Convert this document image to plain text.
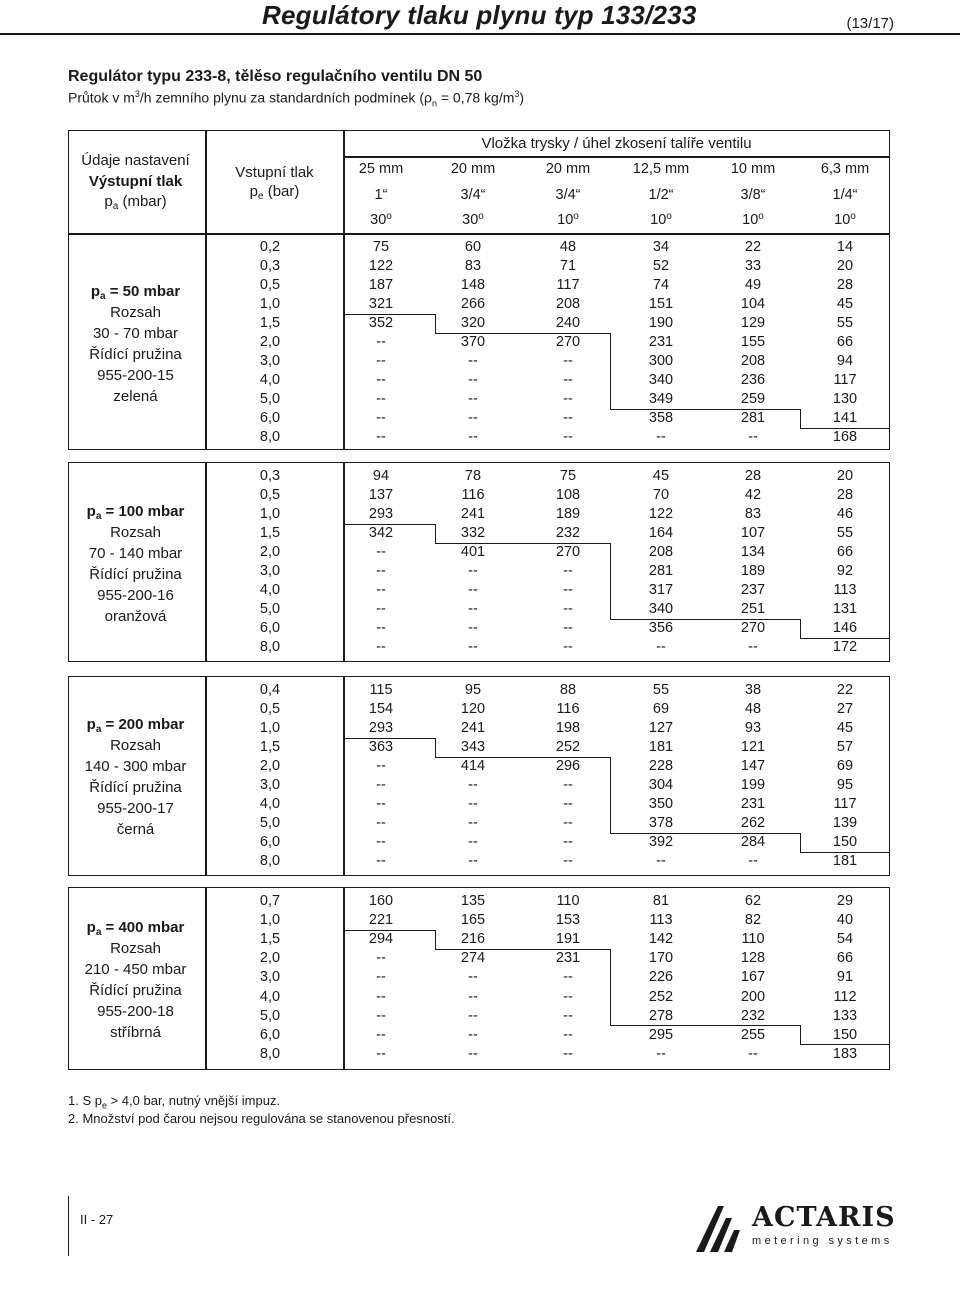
Regulátory tlaku plynu typ 133/233	(13/17)
Regulátor typu 233-8, tělěso regulačního ventilu DN 50
Průtok v $m^3/h$ zemního plynu za standardních podmínek ($\rho_n = 0,78$ $kg/m^3$)
Údaje nastavení
Výstupní tlak
$p_a$ (mbar)
Vstupní tlak
$p_e$ (bar)
Vložka trysky / úhel zkosení talíře ventilu
25 mm
1“
30$^o$
20 mm
3/4“
30$^o$
20 mm
3/4“
10$^o$
12,5 mm
1/2“
10$^o$
10 mm
3/8“
10$^o$
6,3 mm
1/4“
10$^o$
$p_a = 50$ mbar
Rozsah
30 - 70 mbar
Řídící pružina
955-200-15
zelená
0,2
0,3
0,5
1,0
1,5
2,0
3,0
4,0
5,0
6,0
8,0
75
122
187
321
352
--
--
--
--
--
--
60
83
148
266
320
370
--
--
--
--
--
48
71
117
208
240
270
--
--
--
--
--
34
52
74
151
190
231
300
340
349
358
--
22
33
49
104
129
155
208
236
259
281
--
14
20
28
45
55
66
94
117
130
141
168
$p_a = 100$ mbar
Rozsah
70 - 140 mbar
Řídící pružina
955-200-16
oranžová
0,3
0,5
1,0
1,5
2,0
3,0
4,0
5,0
6,0
8,0
94
137
293
342
--
--
--
--
--
--
78
116
241
332
401
--
--
--
--
--
75
108
189
232
270
--
--
--
--
--
45
70
122
164
208
281
317
340
356
--
28
42
83
107
134
189
237
251
270
--
20
28
46
55
66
92
113
131
146
172
$p_a = 200$ mbar
Rozsah
140 - 300 mbar
Řídící pružina
955-200-17
černá
0,4
0,5
1,0
1,5
2,0
3,0
4,0
5,0
6,0
8,0
115
154
293
363
--
--
--
--
--
--
95
120
241
343
414
--
--
--
--
--
88
116
198
252
296
--
--
--
--
--
55
69
127
181
228
304
350
378
392
--
38
48
93
121
147
199
231
262
284
--
22
27
45
57
69
95
117
139
150
181
$p_a = 400$ mbar
Rozsah
210 - 450 mbar
Řídící pružina
955-200-18
stříbrná
0,7
1,0
1,5
2,0
3,0
4,0
5,0
6,0
8,0
160
221
294
--
--
--
--
--
--
135
165
216
274
--
--
--
--
--
110
153
191
231
--
--
--
--
--
81
113
142
170
226
252
278
295
--
62
82
110
128
167
200
232
255
--
29
40
54
66
91
112
133
150
183
1. S $p_e > 4,0$ bar, nutný vnější impuz.
2. Množství pod čarou nejsou regulována se stanovenou přesností.
II - 27	ACTARIS
metering systems
